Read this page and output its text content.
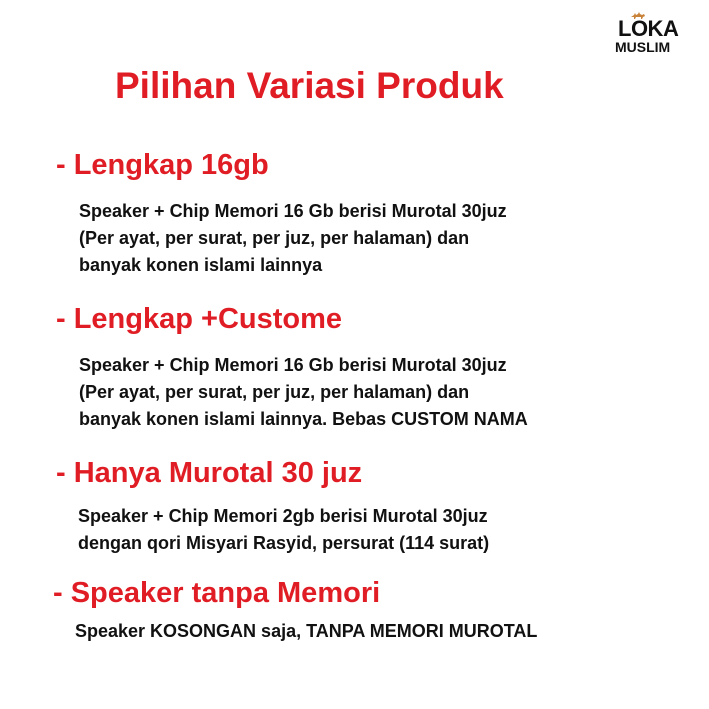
LOKA
MUSLIM
Pilihan Variasi Produk
- Lengkap 16gb
Speaker + Chip Memori 16 Gb berisi Murotal 30juz
(Per ayat, per surat, per juz, per halaman) dan
banyak konen islami lainnya
- Lengkap +Custome
Speaker + Chip Memori 16 Gb berisi Murotal 30juz
(Per ayat, per surat, per juz, per halaman) dan
banyak konen islami lainnya. Bebas CUSTOM NAMA
- Hanya Murotal 30 juz
Speaker + Chip Memori 2gb berisi Murotal 30juz
dengan qori Misyari Rasyid, persurat (114 surat)
- Speaker tanpa Memori
Speaker KOSONGAN saja, TANPA MEMORI MUROTAL
